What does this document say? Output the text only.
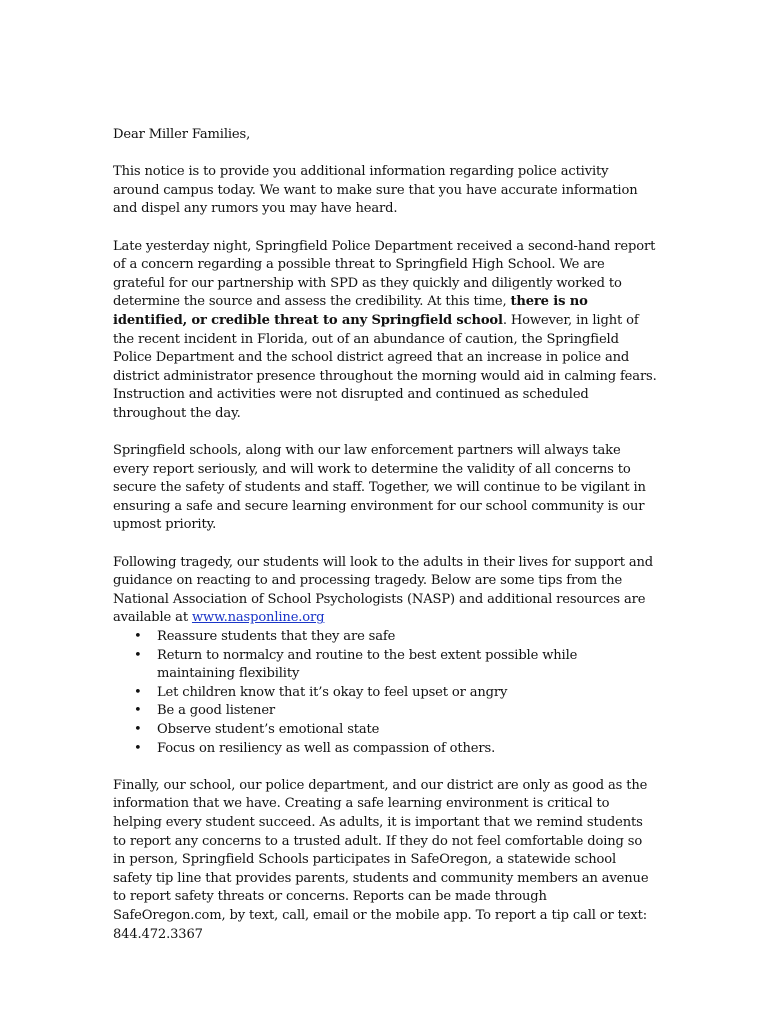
Dear Miller Families,

This notice is to provide you additional information regarding police activity around campus today. We want to make sure that you have accurate information and dispel any rumors you may have heard.

Late yesterday night, Springfield Police Department received a second-hand report of a concern regarding a possible threat to Springfield High School. We are grateful for our partnership with SPD as they quickly and diligently worked to determine the source and assess the credibility. At this time, there is no identified, or credible threat to any Springfield school. However, in light of the recent incident in Florida, out of an abundance of caution, the Springfield Police Department and the school district agreed that an increase in police and district administrator presence throughout the morning would aid in calming fears. Instruction and activities were not disrupted and continued as scheduled throughout the day.

Springfield schools, along with our law enforcement partners will always take every report seriously, and will work to determine the validity of all concerns to secure the safety of students and staff. Together, we will continue to be vigilant in ensuring a safe and secure learning environment for our school community is our upmost priority.

Following tragedy, our students will look to the adults in their lives for support and guidance on reacting to and processing tragedy. Below are some tips from the National Association of School Psychologists (NASP) and additional resources are available at www.nasponline.org

• Reassure students that they are safe
• Return to normalcy and routine to the best extent possible while maintaining flexibility
• Let children know that it’s okay to feel upset or angry
• Be a good listener
• Observe student’s emotional state
• Focus on resiliency as well as compassion of others.

Finally, our school, our police department, and our district are only as good as the information that we have. Creating a safe learning environment is critical to helping every student succeed. As adults, it is important that we remind students to report any concerns to a trusted adult. If they do not feel comfortable doing so in person, Springfield Schools participates in SafeOregon, a statewide school safety tip line that provides parents, students and community members an avenue to report safety threats or concerns. Reports can be made through SafeOregon.com, by text, call, email or the mobile app. To report a tip call or text: 844.472.3367
